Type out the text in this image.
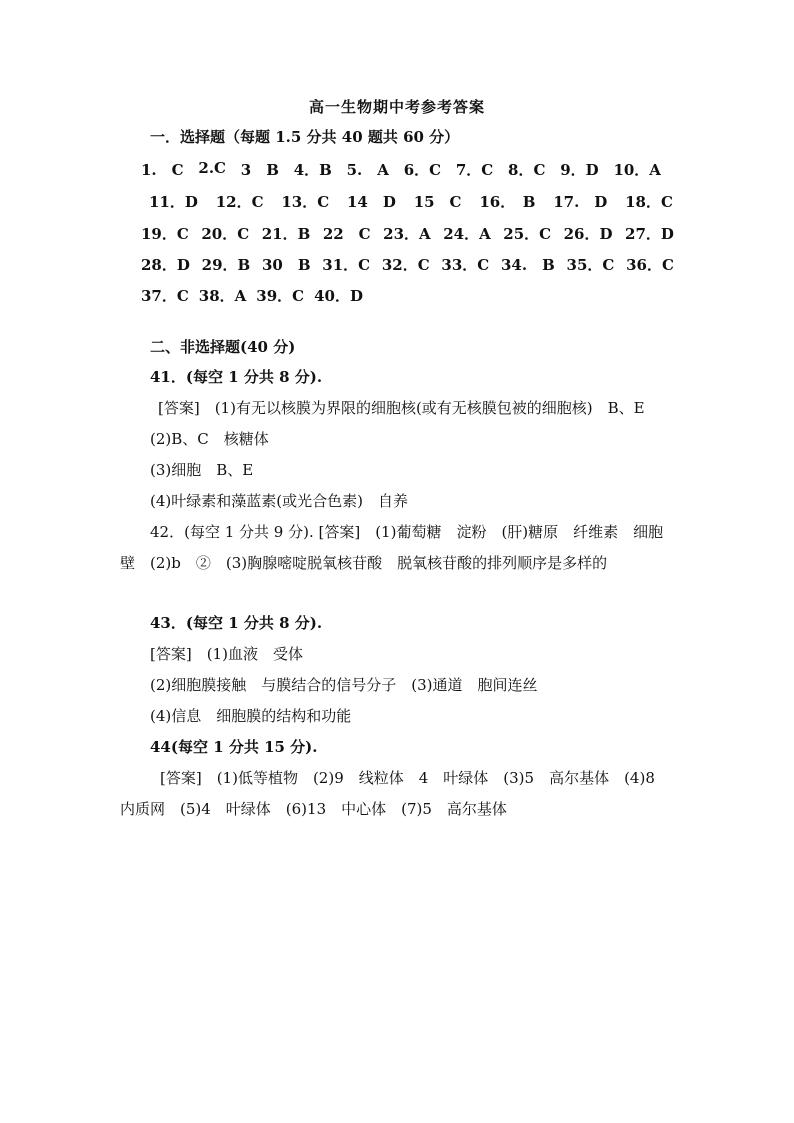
高一生物期中考参考答案
一．选择题（每题 1.5 分共 40 题共 60 分）
1.　C 2.C 3　B 4．B 5.　A 6．C 7．C 8．C 9．D 10．A
11．D 12．C 13．C 14　D 15　C 16．　B 17.　D 18．C
19．C 20．C 21．B 22　C 23．A 24．A 25．C 26．D 27．D
28．D 29．B 30　B 31．C 32．C 33．C 34.　B 35．C 36．C
37．C 38．A 39．C 40．D
二、非选择题(40 分)
41．(每空 1 分共 8 分).
[答案]　(1)有无以核膜为界限的细胞核(或有无核膜包被的细胞核)　B、E
(2)B、C　核糖体
(3)细胞　B、E
(4)叶绿素和藻蓝素(或光合色素)　自养
42．(每空 1 分共 9 分). [答案]　(1)葡萄糖　淀粉　(肝)糖原　纤维素　细胞
壁　(2)b　②　(3)胸腺嘧啶脱氧核苷酸　脱氧核苷酸的排列顺序是多样的
43．(每空 1 分共 8 分).
[答案]　(1)血液　受体
(2)细胞膜接触　与膜结合的信号分子　(3)通道　胞间连丝
(4)信息　细胞膜的结构和功能
44(每空 1 分共 15 分).
[答案]　(1)低等植物　(2)9　线粒体　4　叶绿体　(3)5　高尔基体　(4)8
内质网　(5)4　叶绿体　(6)13　中心体　(7)5　高尔基体
